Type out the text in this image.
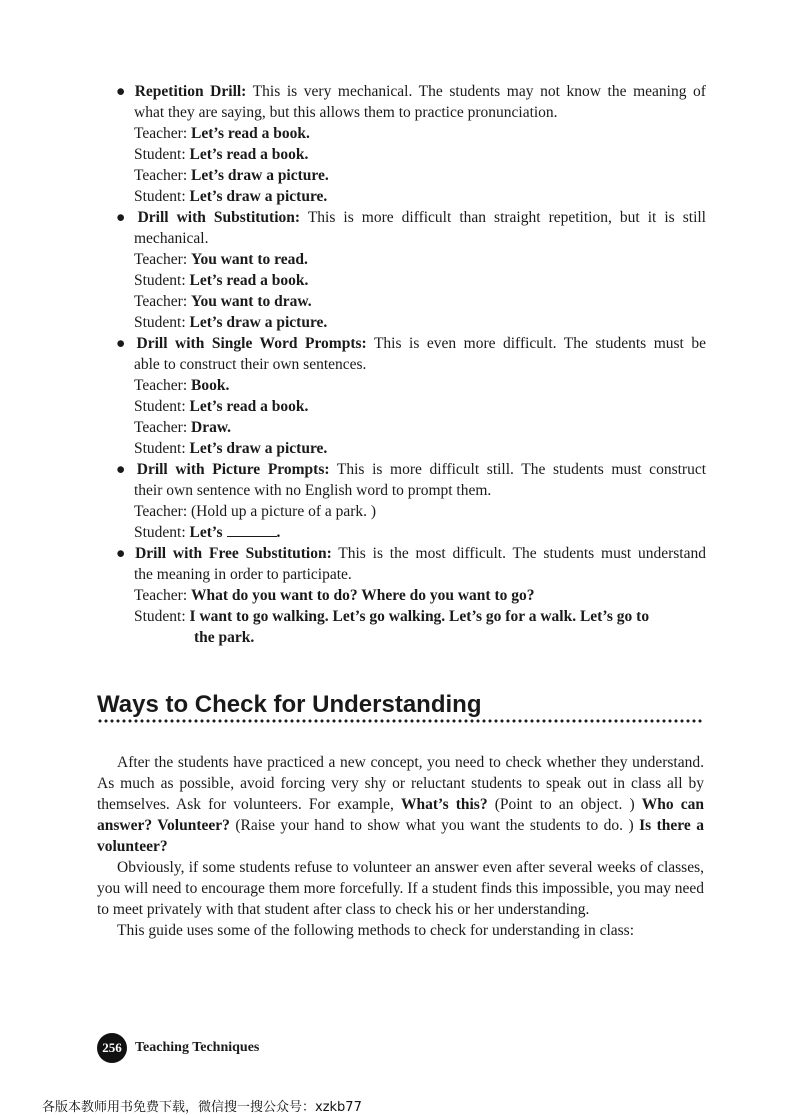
● Repetition Drill: This is very mechanical. The students may not know the meaning of
what they are saying, but this allows them to practice pronunciation.
Teacher: Let’s read a book.
Student: Let’s read a book.
Teacher: Let’s draw a picture.
Student: Let’s draw a picture.
● Drill with Substitution: This is more difficult than straight repetition, but it is still
mechanical.
Teacher: You want to read.
Student: Let’s read a book.
Teacher: You want to draw.
Student: Let’s draw a picture.
● Drill with Single Word Prompts: This is even more difficult. The students must be
able to construct their own sentences.
Teacher: Book.
Student: Let’s read a book.
Teacher: Draw.
Student: Let’s draw a picture.
● Drill with Picture Prompts: This is more difficult still. The students must construct
their own sentence with no English word to prompt them.
Teacher: (Hold up a picture of a park. )
Student: Let’s	.
● Drill with Free Substitution: This is the most difficult. The students must understand
the meaning in order to participate.
Teacher: What do you want to do? Where do you want to go?
Student: I want to go walking. Let’s go walking. Let’s go for a walk. Let’s go to
the park.
Ways to Check for Understanding

After the students have practiced a new concept, you need to check whether they understand. As much as possible, avoid forcing very shy or reluctant students to speak out in class all by themselves. Ask for volunteers. For example, What’s this? (Point to an object. ) Who can answer? Volunteer? (Raise your hand to show what you want the students to do. ) Is there a volunteer?

Obviously, if some students refuse to volunteer an answer even after several weeks of classes, you will need to encourage them more forcefully. If a student finds this impossible, you may need to meet privately with that student after class to check his or her understanding.

This guide uses some of the following methods to check for understanding in class:

256 Teaching Techniques
各版本教师用书免费下载，微信搜一搜公众号：xzkb77
